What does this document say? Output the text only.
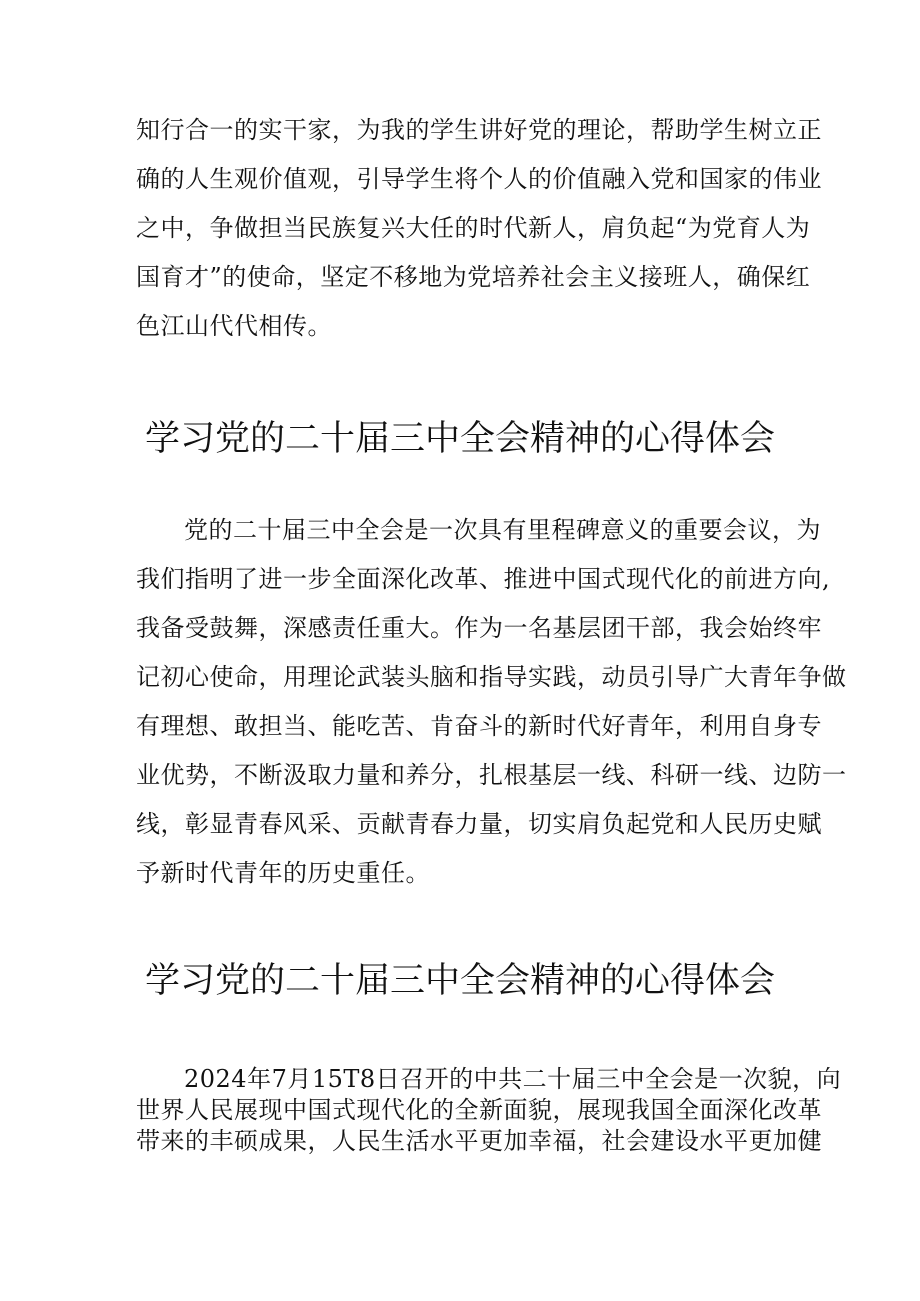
知行合一的实干家，为我的学生讲好党的理论，帮助学生树立正
确的人生观价值观，引导学生将个人的价值融入党和国家的伟业
之中，争做担当民族复兴大任的时代新人，肩负起“为党育人为
国育才”的使命，坚定不移地为党培养社会主义接班人，确保红
色江山代代相传。
学习党的二十届三中全会精神的心得体会
党的二十届三中全会是一次具有里程碑意义的重要会议，为
我们指明了进一步全面深化改革、推进中国式现代化的前进方向,
我备受鼓舞，深感责任重大。作为一名基层团干部，我会始终牢
记初心使命，用理论武装头脑和指导实践，动员引导广大青年争做
有理想、敢担当、能吃苦、肯奋斗的新时代好青年，利用自身专
业优势，不断汲取力量和养分，扎根基层一线、科研一线、边防一
线，彰显青春风采、贡献青春力量，切实肩负起党和人民历史赋
予新时代青年的历史重任。
学习党的二十届三中全会精神的心得体会
2024年7月15T8日召开的中共二十届三中全会是一次貌，向
世界人民展现中国式现代化的全新面貌，展现我国全面深化改革
带来的丰硕成果，人民生活水平更加幸福，社会建设水平更加健
